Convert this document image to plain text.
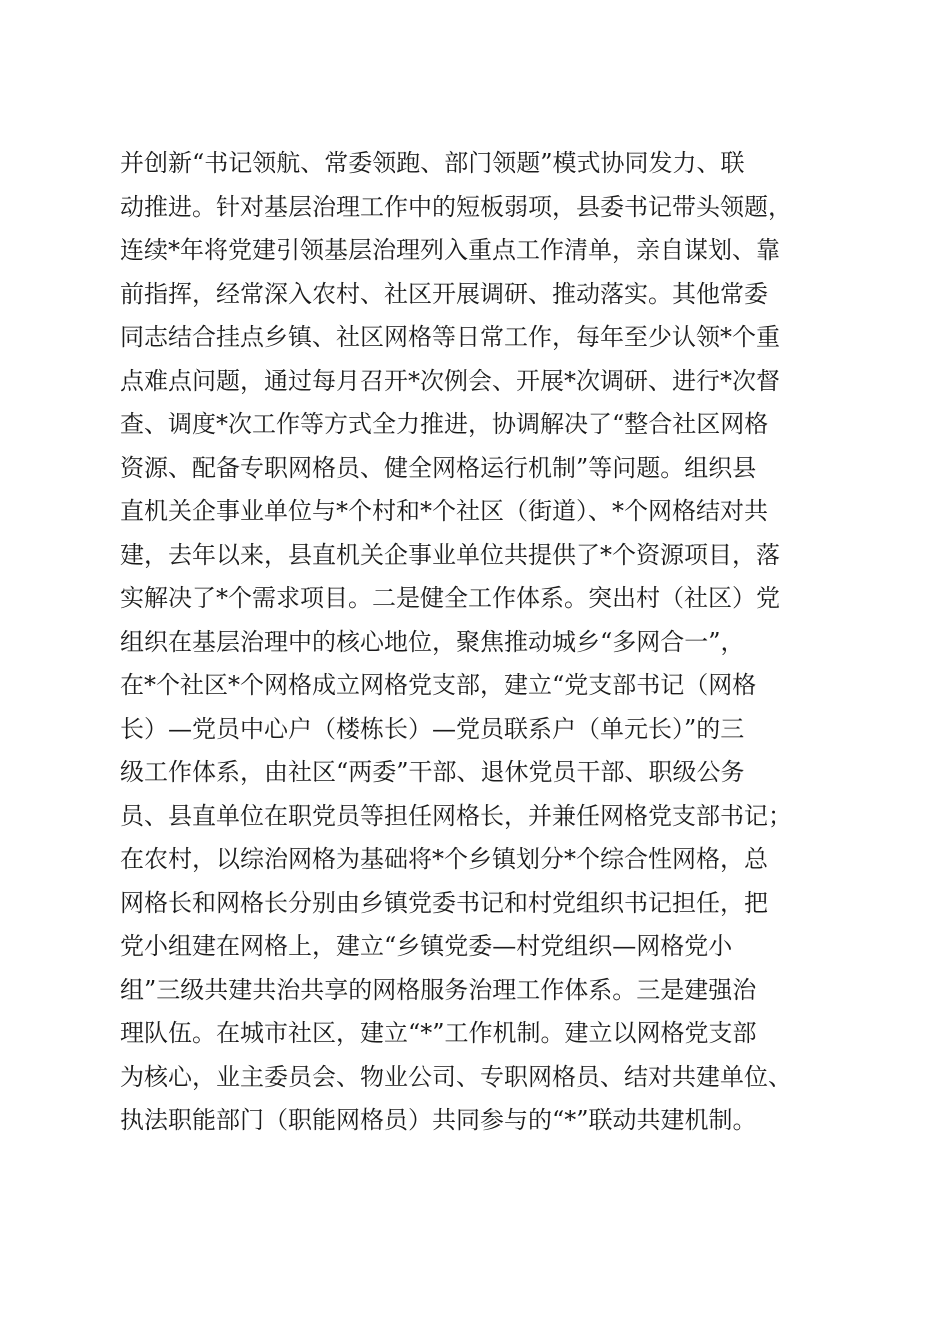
并创新“书记领航、常委领跑、部门领题”模式协同发力、联
动推进。针对基层治理工作中的短板弱项，县委书记带头领题，
连续*年将党建引领基层治理列入重点工作清单，亲自谋划、靠
前指挥，经常深入农村、社区开展调研、推动落实。其他常委
同志结合挂点乡镇、社区网格等日常工作，每年至少认领*个重
点难点问题，通过每月召开*次例会、开展*次调研、进行*次督
查、调度*次工作等方式全力推进，协调解决了“整合社区网格
资源、配备专职网格员、健全网格运行机制”等问题。组织县
直机关企事业单位与*个村和*个社区（街道）、*个网格结对共
建，去年以来，县直机关企事业单位共提供了*个资源项目，落
实解决了*个需求项目。二是健全工作体系。突出村（社区）党
组织在基层治理中的核心地位，聚焦推动城乡“多网合一”，
在*个社区*个网格成立网格党支部，建立“党支部书记（网格
长）—党员中心户（楼栋长）—党员联系户（单元长）”的三
级工作体系，由社区“两委”干部、退休党员干部、职级公务
员、县直单位在职党员等担任网格长，并兼任网格党支部书记；
在农村，以综治网格为基础将*个乡镇划分*个综合性网格，总
网格长和网格长分别由乡镇党委书记和村党组织书记担任，把
党小组建在网格上，建立“乡镇党委—村党组织—网格党小
组”三级共建共治共享的网格服务治理工作体系。三是建强治
理队伍。在城市社区，建立“*”工作机制。建立以网格党支部
为核心，业主委员会、物业公司、专职网格员、结对共建单位、
执法职能部门（职能网格员）共同参与的“*”联动共建机制。
